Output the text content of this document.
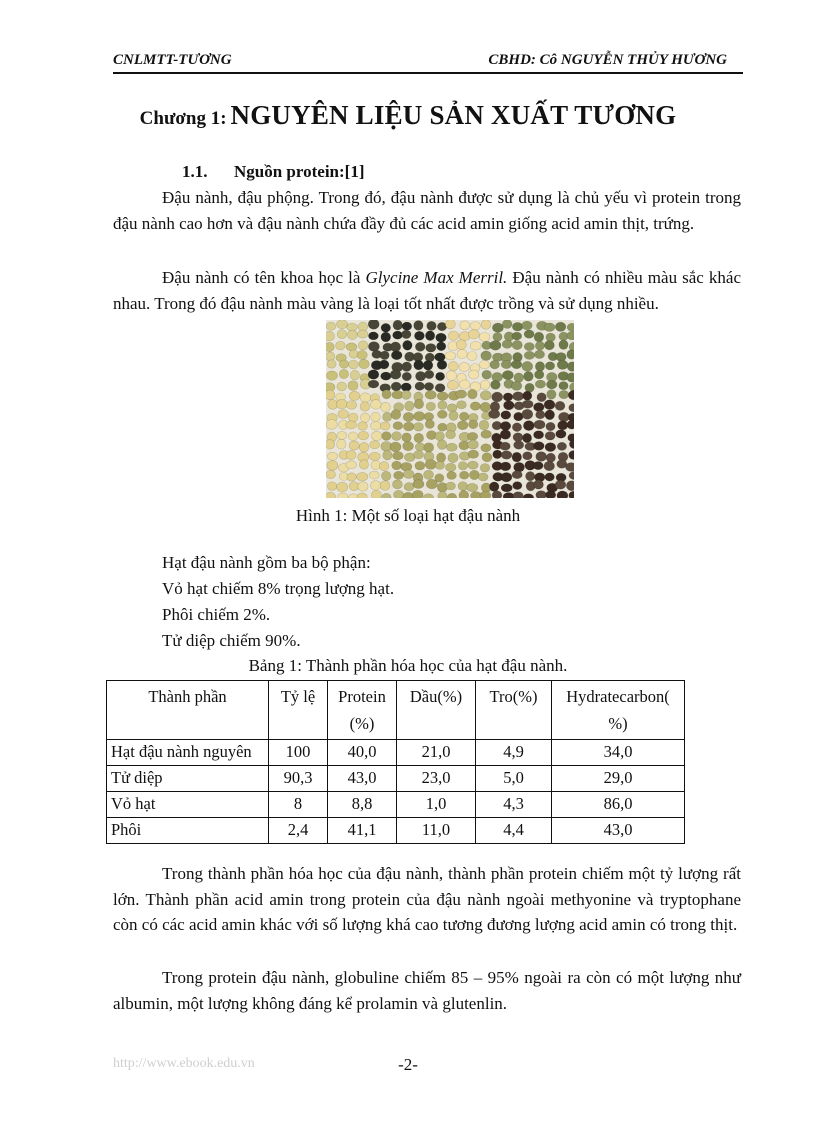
CNLMTT-TƯƠNG	CBHD: Cô NGUYỄN THỦY HƯƠNG
Chương 1: NGUYÊN LIỆU SẢN XUẤT TƯƠNG
1.1. Nguồn protein:[1]
Đậu nành, đậu phộng. Trong đó, đậu nành được sử dụng là chủ yếu vì protein trong đậu nành cao hơn và đậu nành chứa đầy đủ các acid amin giống acid amin thịt, trứng.
Đậu nành có tên khoa học là Glycine Max Merril. Đậu nành có nhiều màu sắc khác nhau. Trong đó đậu nành màu vàng là loại tốt nhất được trồng và sử dụng nhiều.
Hình 1: Một số loại hạt đậu nành
Hạt đậu nành gồm ba bộ phận:
Vỏ hạt chiếm 8% trọng lượng hạt.
Phôi chiếm 2%.
Tử diệp chiếm 90%.
Bảng 1: Thành phần hóa học của hạt đậu nành.
Thành phần	Tỷ lệ	Protein (%)	Dầu(%)	Tro(%)	Hydratecarbon( %)
Hạt đậu nành nguyên	100	40,0	21,0	4,9	34,0
Tử diệp	90,3	43,0	23,0	5,0	29,0
Vỏ hạt	8	8,8	1,0	4,3	86,0
Phôi	2,4	41,1	11,0	4,4	43,0
Trong thành phần hóa học của đậu nành, thành phần protein chiếm một tỷ lượng rất lớn. Thành phần acid amin trong protein của đậu nành ngoài methyonine và tryptophane còn có các acid amin khác với số lượng khá cao tương đương lượng acid amin có trong thịt.
Trong protein đậu nành, globuline chiếm 85 – 95% ngoài ra còn có một lượng như albumin, một lượng không đáng kể prolamin và glutenlin.
http://www.ebook.edu.vn	-2-
